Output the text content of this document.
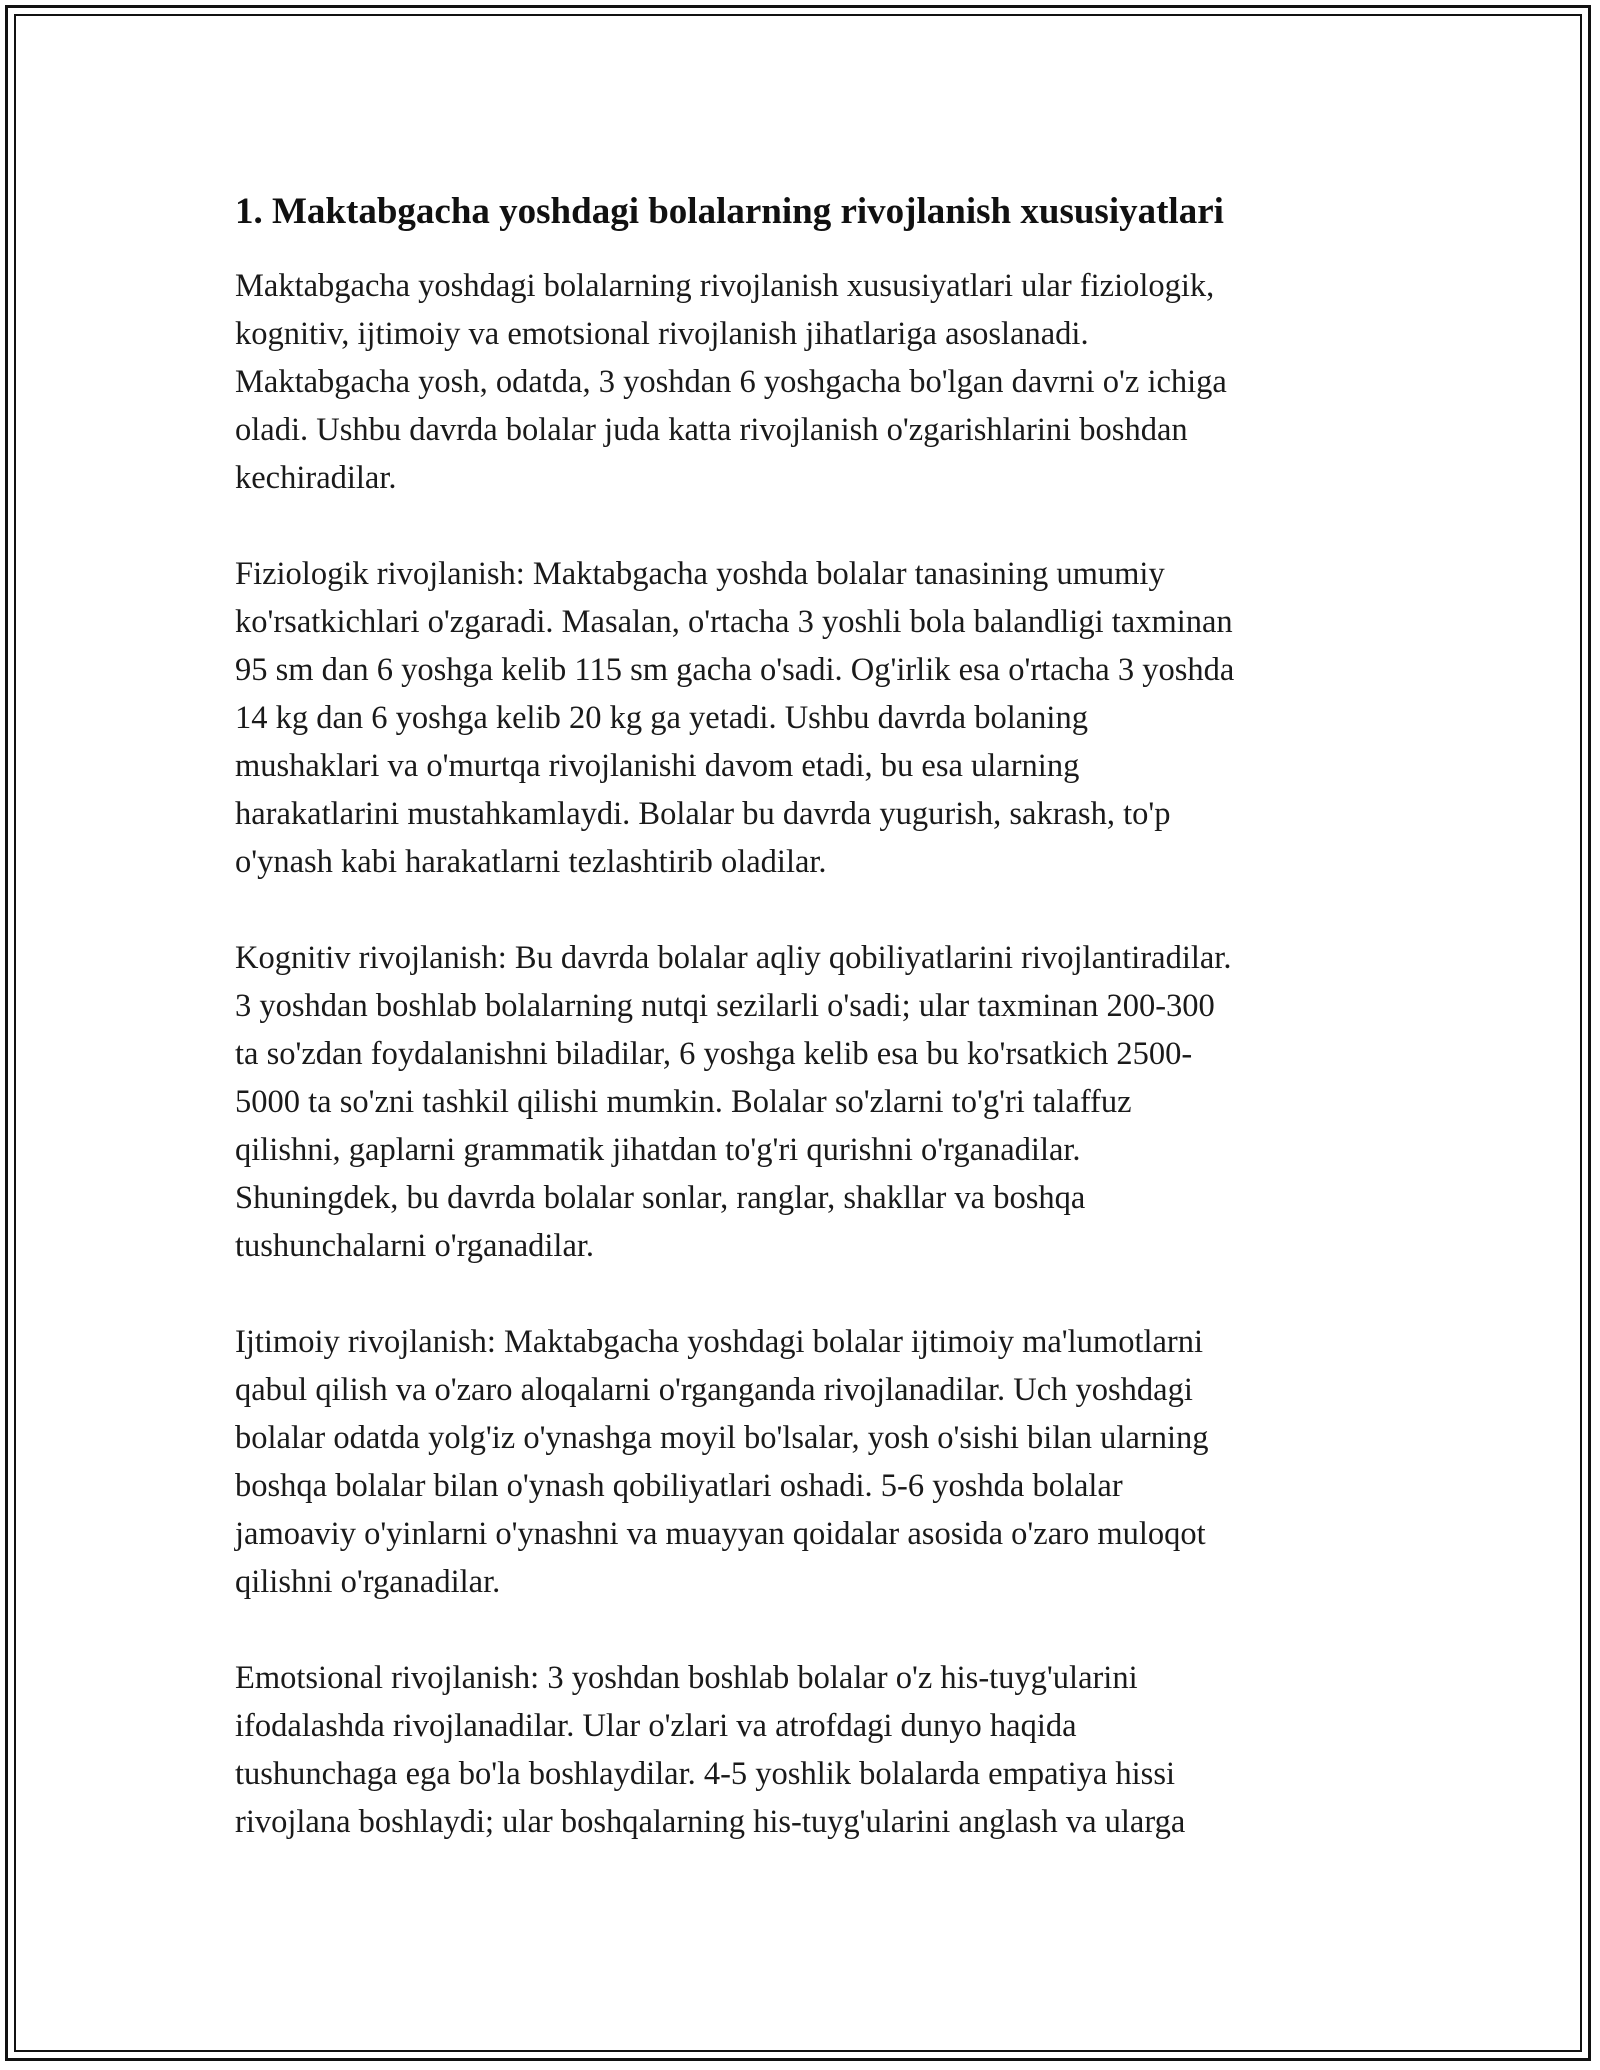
1. Maktabgacha yoshdagi bolalarning rivojlanish xususiyatlari

Maktabgacha yoshdagi bolalarning rivojlanish xususiyatlari ular fiziologik,
kognitiv, ijtimoiy va emotsional rivojlanish jihatlariga asoslanadi.
Maktabgacha yosh, odatda, 3 yoshdan 6 yoshgacha bo'lgan davrni o'z ichiga
oladi. Ushbu davrda bolalar juda katta rivojlanish o'zgarishlarini boshdan
kechiradilar.

Fiziologik rivojlanish: Maktabgacha yoshda bolalar tanasining umumiy
ko'rsatkichlari o'zgaradi. Masalan, o'rtacha 3 yoshli bola balandligi taxminan
95 sm dan 6 yoshga kelib 115 sm gacha o'sadi. Og'irlik esa o'rtacha 3 yoshda
14 kg dan 6 yoshga kelib 20 kg ga yetadi. Ushbu davrda bolaning
mushaklari va o'murtqa rivojlanishi davom etadi, bu esa ularning
harakatlarini mustahkamlaydi. Bolalar bu davrda yugurish, sakrash, to'p
o'ynash kabi harakatlarni tezlashtirib oladilar.

Kognitiv rivojlanish: Bu davrda bolalar aqliy qobiliyatlarini rivojlantiradilar.
3 yoshdan boshlab bolalarning nutqi sezilarli o'sadi; ular taxminan 200-300
ta so'zdan foydalanishni biladilar, 6 yoshga kelib esa bu ko'rsatkich 2500-
5000 ta so'zni tashkil qilishi mumkin. Bolalar so'zlarni to'g'ri talaffuz
qilishni, gaplarni grammatik jihatdan to'g'ri qurishni o'rganadilar.
Shuningdek, bu davrda bolalar sonlar, ranglar, shakllar va boshqa
tushunchalarni o'rganadilar.

Ijtimoiy rivojlanish: Maktabgacha yoshdagi bolalar ijtimoiy ma'lumotlarni
qabul qilish va o'zaro aloqalarni o'rganganda rivojlanadilar. Uch yoshdagi
bolalar odatda yolg'iz o'ynashga moyil bo'lsalar, yosh o'sishi bilan ularning
boshqa bolalar bilan o'ynash qobiliyatlari oshadi. 5-6 yoshda bolalar
jamoaviy o'yinlarni o'ynashni va muayyan qoidalar asosida o'zaro muloqot
qilishni o'rganadilar.

Emotsional rivojlanish: 3 yoshdan boshlab bolalar o'z his-tuyg'ularini
ifodalashda rivojlanadilar. Ular o'zlari va atrofdagi dunyo haqida
tushunchaga ega bo'la boshlaydilar. 4-5 yoshlik bolalarda empatiya hissi
rivojlana boshlaydi; ular boshqalarning his-tuyg'ularini anglash va ularga
